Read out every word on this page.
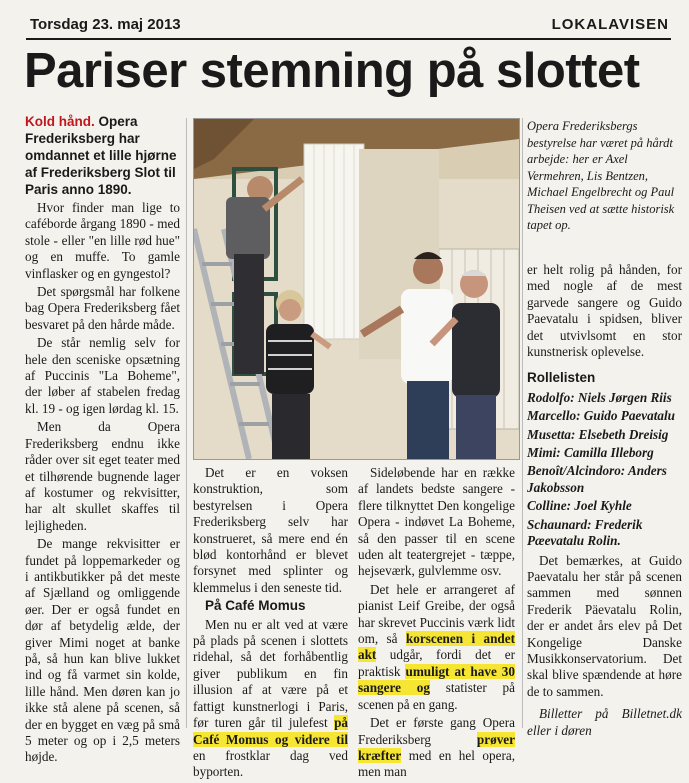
Torsdag 23. maj 2013	LOKALAVISEN
Pariser stemning på slottet

Kold hånd. Opera Frederiksberg har omdannet et lille hjørne af Frederiksberg Slot til Paris anno 1890.

Hvor finder man lige to caféborde årgang 1890 - med stole - eller "en lille rød hue" og en muffe. To gamle vinflasker og en gyngestol?

Det spørgsmål har folkene bag Opera Frederiksberg fået besvaret på den hårde måde.

De står nemlig selv for hele den sceniske opsætning af Puccinis "La Boheme", der løber af stabelen fredag kl. 19 - og igen lørdag kl. 15.

Men da Opera Frederiksberg endnu ikke råder over sit eget teater med et tilhørende bugnende lager af kostumer og rekvisitter, har alt skullet skaffes til lejligheden.

De mange rekvisitter er fundet på loppemarkeder og i antikbutikker på det meste af Sjælland og omliggende øer. Der er også fundet en dør af betydelig ælde, der giver Mimi noget at banke på, så hun kan blive lukket ind og få varmet sin kolde, lille hånd. Men døren kan jo ikke stå alene på scenen, så der en bygget en væg på små 5 meter og op i 2,5 meters højde.

Det er en voksen konstruktion, som bestyrelsen i Opera Frederiksberg selv har konstrueret, så mere end én blød kontorhånd er blevet forsynet med splinter og klemmelus i den seneste tid.

På Café Momus

Men nu er alt ved at være på plads på scenen i slottets ridehal, så det forhåbentlig giver publikum en fin illusion af at være på et fattigt kunstnerlogi i Paris, før turen går til julefest på Café Momus og videre til en frostklar dag ved byporten.

Sideløbende har en række af landets bedste sangere - flere tilknyttet Den kongelige Opera - indøvet La Boheme, så den passer til en scene uden alt teatergrejet - tæppe, hejseværk, gulvlemme osv.

Det hele er arrangeret af pianist Leif Greibe, der også har skrevet Puccinis værk lidt om, så korscenen i andet akt udgår, fordi det er praktisk umuligt at have 30 sangere og statister på scenen på en gang.

Det er første gang Opera Frederiksberg prøver kræfter med en hel opera, men man

Opera Frederiksbergs bestyrelse har været på hårdt arbejde: her er Axel Vermehren, Lis Bentzen, Michael Engelbrecht og Paul Theisen ved at sætte historisk tapet op.

er helt rolig på hånden, for med nogle af de mest garvede sangere og Guido Paevatalu i spidsen, bliver det utvivlsomt en stor kunstnerisk oplevelse.

Rollelisten

Rodolfo: Niels Jørgen Riis

Marcello: Guido Paevatalu

Musetta: Elsebeth Dreisig

Mimi: Camilla Illeborg

Benoît/Alcindoro: Anders Jakobsson

Colline: Joel Kyhle

Schaunard: Frederik Pæevatalu Rolin.

Det bemærkes, at Guido Paevatalu her står på scenen sammen med sønnen Frederik Päevatalu Rolin, der er andet års elev på Det Kongelige Danske Musikkonservatorium. Det skal blive spændende at høre de to sammen.

Billetter på Billetnet.dk eller i døren
